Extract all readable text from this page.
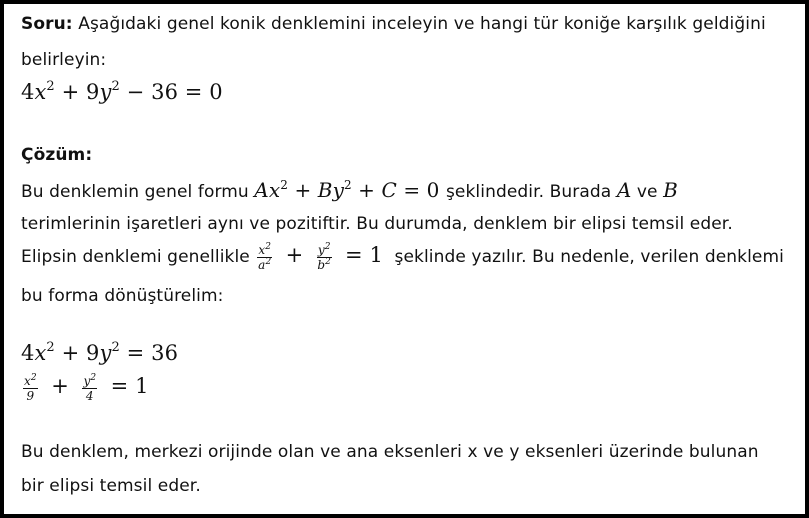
Soru: Aşağıdaki genel konik denklemini inceleyin ve hangi tür koniğe karşılık geldiğini
belirleyin:
$4x^2 + 9y^2 - 36 = 0$
Çözüm:
Bu denklemin genel formu $Ax^2 + By^2 + C = 0$ şeklindedir. Burada A ve B
terimlerinin işaretleri aynı ve pozitiftir. Bu durumda, denklem bir elipsi temsil eder.
Elipsin denklemi genellikle $\frac{x^2}{a^2} + \frac{y^2}{b^2} = 1$ şeklinde yazılır. Bu nedenle, verilen denklemi
bu forma dönüştürelim:
$4x^2 + 9y^2 = 36$
$\frac{x^2}{9} + \frac{y^2}{4} = 1$
Bu denklem, merkezi orijinde olan ve ana eksenleri x ve y eksenleri üzerinde bulunan
bir elipsi temsil eder.
